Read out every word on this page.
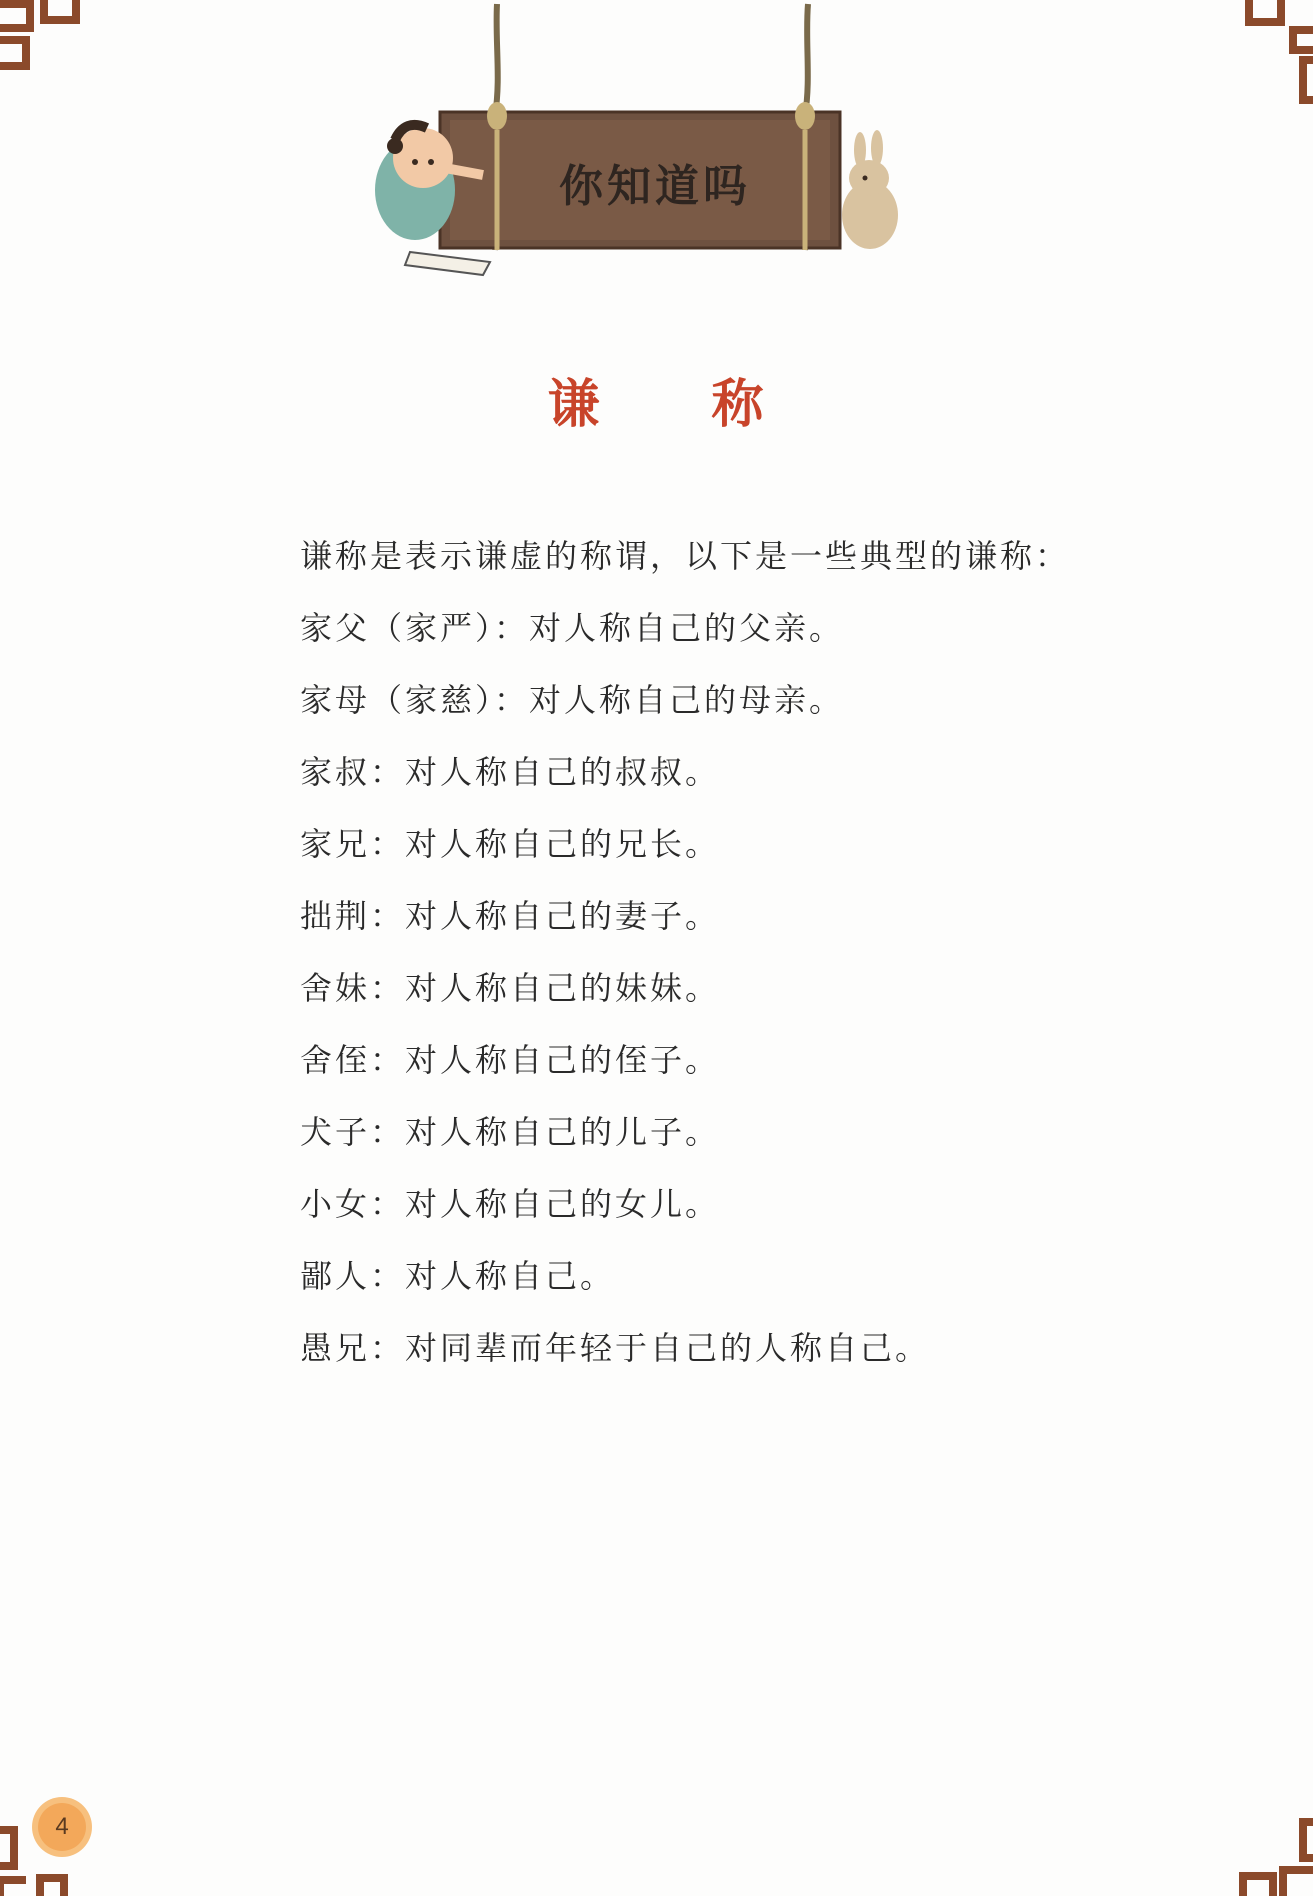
你知道吗
谦 称
谦称是表示谦虚的称谓，以下是一些典型的谦称：
家父（家严）：对人称自己的父亲。
家母（家慈）：对人称自己的母亲。
家叔：对人称自己的叔叔。
家兄：对人称自己的兄长。
拙荆：对人称自己的妻子。
舍妹：对人称自己的妹妹。
舍侄：对人称自己的侄子。
犬子：对人称自己的儿子。
小女：对人称自己的女儿。
鄙人：对人称自己。
愚兄：对同辈而年轻于自己的人称自己。
4
